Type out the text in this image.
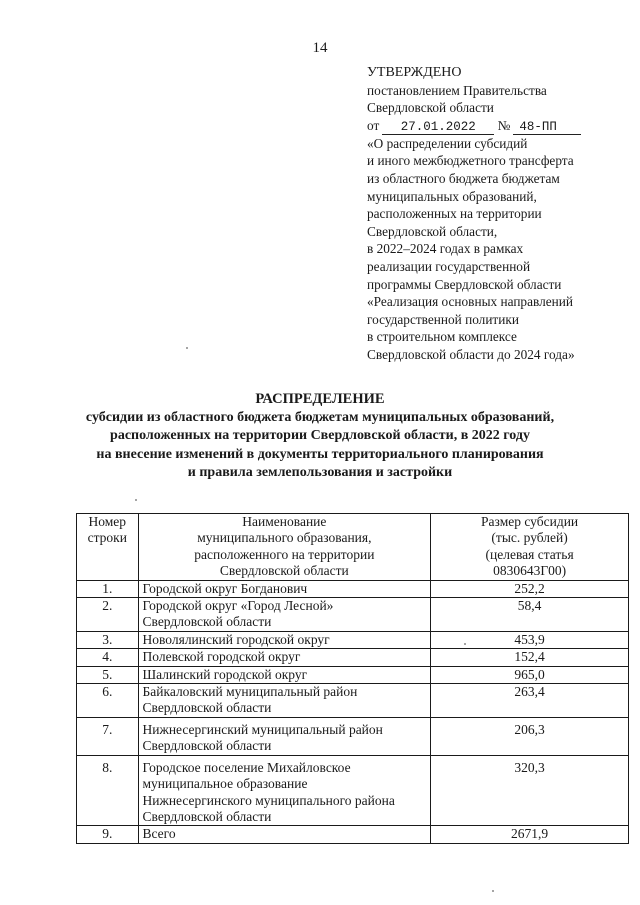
14
УТВЕРЖДЕНО
постановлением Правительства
Свердловской области
от 27.01.2022 № 48-ПП
«О распределении субсидий
и иного межбюджетного трансферта
из областного бюджета бюджетам
муниципальных образований,
расположенных на территории
Свердловской области,
в 2022–2024 годах в рамках
реализации государственной
программы Свердловской области
«Реализация основных направлений
государственной политики
в строительном комплексе
Свердловской области до 2024 года»
РАСПРЕДЕЛЕНИЕ
субсидии из областного бюджета бюджетам муниципальных образований,
расположенных на территории Свердловской области, в 2022 году
на внесение изменений в документы территориального планирования
и правила землепользования и застройки
Номер
строки	Наименование
муниципального образования,
расположенного на территории
Свердловской области	Размер субсидии
(тыс. рублей)
(целевая статья
0830643Г00)
1.	Городской округ Богданович	252,2
2.	Городской округ «Город Лесной»
Свердловской области	58,4
3.	Новолялинский городской округ	453,9
4.	Полевской городской округ	152,4
5.	Шалинский городской округ	965,0
6.	Байкаловский муниципальный район
Свердловской области	263,4
7.	Нижнесергинский муниципальный район
Свердловской области	206,3
8.	Городское поселение Михайловское
муниципальное образование
Нижнесергинского муниципального района
Свердловской области	320,3
9.	Всего	2671,9
